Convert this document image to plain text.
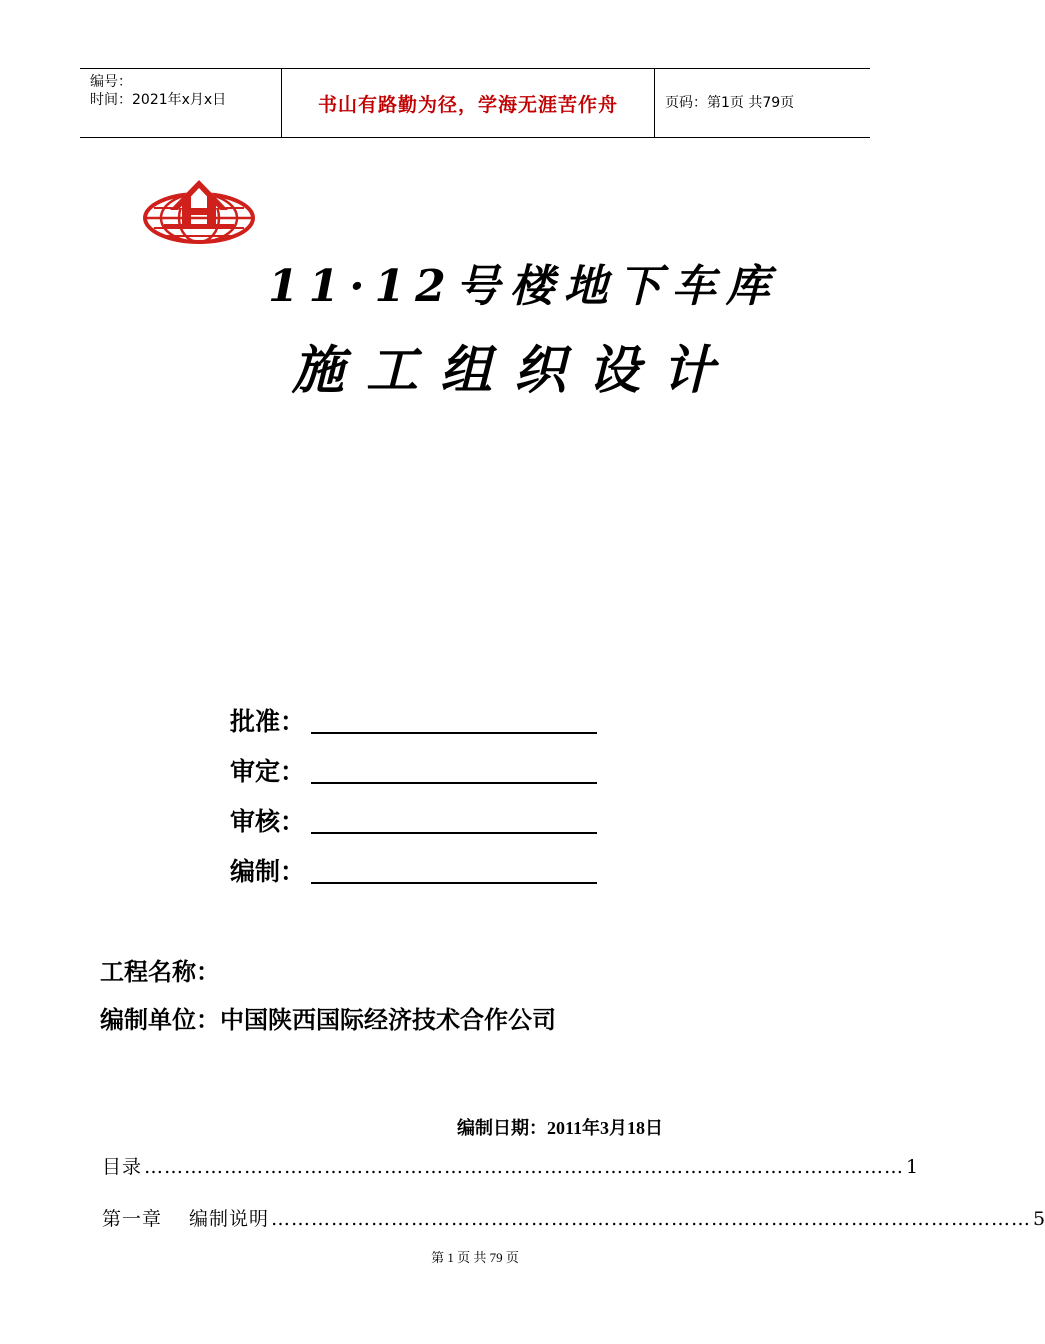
编号：
时间：2021年x月x日	书山有路勤为径，学海无涯苦作舟	页码：第1页 共79页
11·12号楼地下车库
施工组织设计
批准：
审定：
审核：
编制：
工程名称：
编制单位：中国陕西国际经济技术合作公司
编制日期：2011年3月18日
目录 …………………………………………………………………………………………………… 1
第一章　 编制说明 …………………………………………………………………………………………………… 5
第 1 页 共 79 页
